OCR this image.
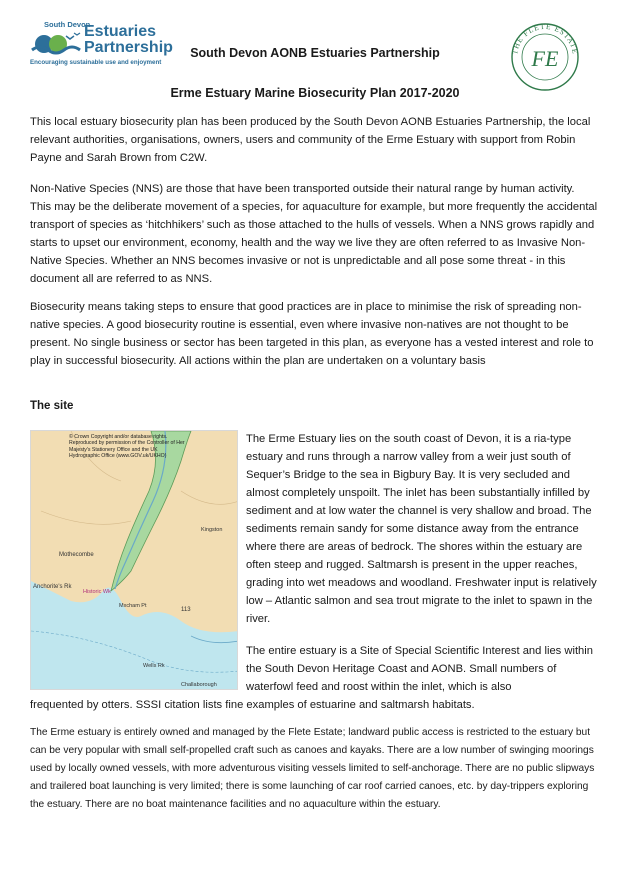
South Devon
Estuaries
Partnership
Encouraging sustainable use and enjoyment
South Devon AONB Estuaries Partnership
Erme Estuary Marine Biosecurity Plan 2017-2020
THE FLETE ESTATE
FE

This local estuary biosecurity plan has been produced by the South Devon AONB Estuaries Partnership, the local relevant authorities, organisations, owners, users and community of the Erme Estuary with support from Robin Payne and Sarah Brown from C2W.

Non-Native Species (NNS) are those that have been transported outside their natural range by human activity. This may be the deliberate movement of a species, for aquaculture for example, but more frequently the accidental transport of species as ‘hitchhikers’ such as those attached to the hulls of vessels. When a NNS grows rapidly and starts to upset our environment, economy, health and the way we live they are often referred to as Invasive Non-Native Species. Whether an NNS becomes invasive or not is unpredictable and all pose some threat - in this document all are referred to as NNS.

Biosecurity means taking steps to ensure that good practices are in place to minimise the risk of spreading non-native species. A good biosecurity routine is essential, even where invasive non-natives are not thought to be present. No single business or sector has been targeted in this plan, as everyone has a vested interest and role to play in successful biosecurity. All actions within the plan are undertaken on a voluntary basis

The site

Mothecombe
Anchorite's Rk
Historic Wk
Mxcham Pt
113
Wells Rk
Challaborough
Kingston
© Crown Copyright and/or database rights. Reproduced by permission of the Controller of Her Majesty's Stationery Office and the UK Hydrographic Office (www.GOV.uk/UKHO)

The Erme Estuary lies on the south coast of Devon, it is a ria-type estuary and runs through a narrow valley from a weir just south of Sequer’s Bridge to the sea in Bigbury Bay. It is very secluded and almost completely unspoilt. The inlet has been substantially infilled by sediment and at low water the channel is very shallow and broad. The sediments remain sandy for some distance away from the entrance where there are areas of bedrock. The shores within the estuary are often steep and rugged. Saltmarsh is present in the upper reaches, grading into wet meadows and woodland. Freshwater input is relatively low – Atlantic salmon and sea trout migrate to the inlet to spawn in the river.

The entire estuary is a Site of Special Scientific Interest and lies within the South Devon Heritage Coast and AONB. Small numbers of waterfowl feed and roost within the inlet, which is also

frequented by otters. SSSI citation lists fine examples of estuarine and saltmarsh habitats.

The Erme estuary is entirely owned and managed by the Flete Estate; landward public access is restricted to the estuary but can be very popular with small self-propelled craft such as canoes and kayaks. There are a low number of swinging moorings used by locally owned vessels, with more adventurous visiting vessels limited to self-anchorage. There are no public slipways and trailered boat launching is very limited; there is some launching of car roof carried canoes, etc. by day-trippers exploring the estuary. There are no boat maintenance facilities and no aquaculture within the estuary.
